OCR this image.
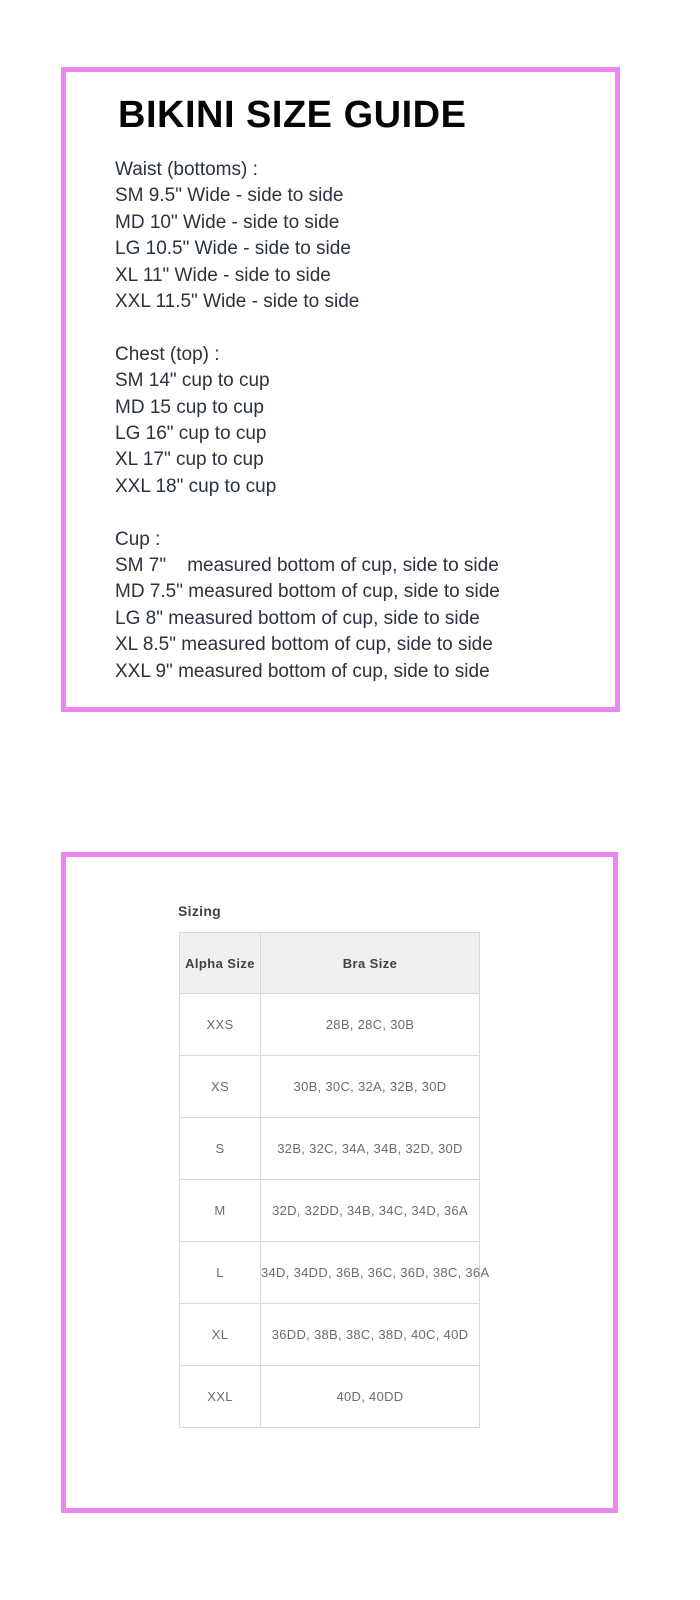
BIKINI SIZE GUIDE
Waist (bottoms) :
SM 9.5" Wide - side to side
MD 10" Wide - side to side
LG 10.5" Wide - side to side
XL 11" Wide - side to side
XXL 11.5" Wide - side to side
Chest (top) :
SM 14" cup to cup
MD 15 cup to cup
LG 16" cup to cup
XL 17" cup to cup
XXL 18" cup to cup
Cup :
SM 7"    measured bottom of cup, side to side
MD 7.5" measured bottom of cup, side to side
LG 8" measured bottom of cup, side to side
XL 8.5" measured bottom of cup, side to side
XXL 9" measured bottom of cup, side to side
Sizing
Alpha Size	Bra Size
XXS	28B, 28C, 30B
XS	30B, 30C, 32A, 32B, 30D
S	32B, 32C, 34A, 34B, 32D, 30D
M	32D, 32DD, 34B, 34C, 34D, 36A
L	34D, 34DD, 36B, 36C, 36D, 38C, 36A
XL	36DD, 38B, 38C, 38D, 40C, 40D
XXL	40D, 40DD
